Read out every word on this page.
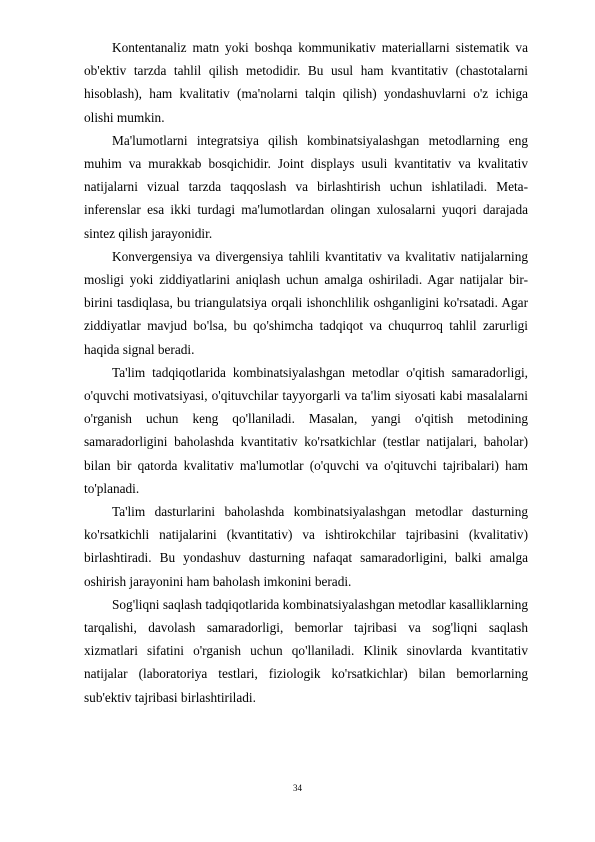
Kontentanaliz matn yoki boshqa kommunikativ materiallarni sistematik va ob'ektiv tarzda tahlil qilish metodidir. Bu usul ham kvantitativ (chastotalarni hisoblash), ham kvalitativ (ma'nolarni talqin qilish) yondashuvlarni o'z ichiga olishi mumkin.

Ma'lumotlarni integratsiya qilish kombinatsiyalashgan metodlarning eng muhim va murakkab bosqichidir. Joint displays usuli kvantitativ va kvalitativ natijalarni vizual tarzda taqqoslash va birlashtirish uchun ishlatiladi. Meta-inferenslar esa ikki turdagi ma'lumotlardan olingan xulosalarni yuqori darajada sintez qilish jarayonidir.

Konvergensiya va divergensiya tahlili kvantitativ va kvalitativ natijalarning mosligi yoki ziddiyatlarini aniqlash uchun amalga oshiriladi. Agar natijalar bir-birini tasdiqlasa, bu triangulatsiya orqali ishonchlilik oshganligini ko'rsatadi. Agar ziddiyatlar mavjud bo'lsa, bu qo'shimcha tadqiqot va chuqurroq tahlil zarurligi haqida signal beradi.

Ta'lim tadqiqotlarida kombinatsiyalashgan metodlar o'qitish samaradorligi, o'quvchi motivatsiyasi, o'qituvchilar tayyorgarli va ta'lim siyosati kabi masalalarni o'rganish uchun keng qo'llaniladi. Masalan, yangi o'qitish metodining samaradorligini baholashda kvantitativ ko'rsatkichlar (testlar natijalari, baholar) bilan bir qatorda kvalitativ ma'lumotlar (o'quvchi va o'qituvchi tajribalari) ham to'planadi.

Ta'lim dasturlarini baholashda kombinatsiyalashgan metodlar dasturning ko'rsatkichli natijalarini (kvantitativ) va ishtirokchilar tajribasini (kvalitativ) birlashtiradi. Bu yondashuv dasturning nafaqat samaradorligini, balki amalga oshirish jarayonini ham baholash imkonini beradi.

Sog'liqni saqlash tadqiqotlarida kombinatsiyalashgan metodlar kasalliklarning tarqalishi, davolash samaradorligi, bemorlar tajribasi va sog'liqni saqlash xizmatlari sifatini o'rganish uchun qo'llaniladi. Klinik sinovlarda kvantitativ natijalar (laboratoriya testlari, fiziologik ko'rsatkichlar) bilan bemorlarning sub'ektiv tajribasi birlashtiriladi.

34
